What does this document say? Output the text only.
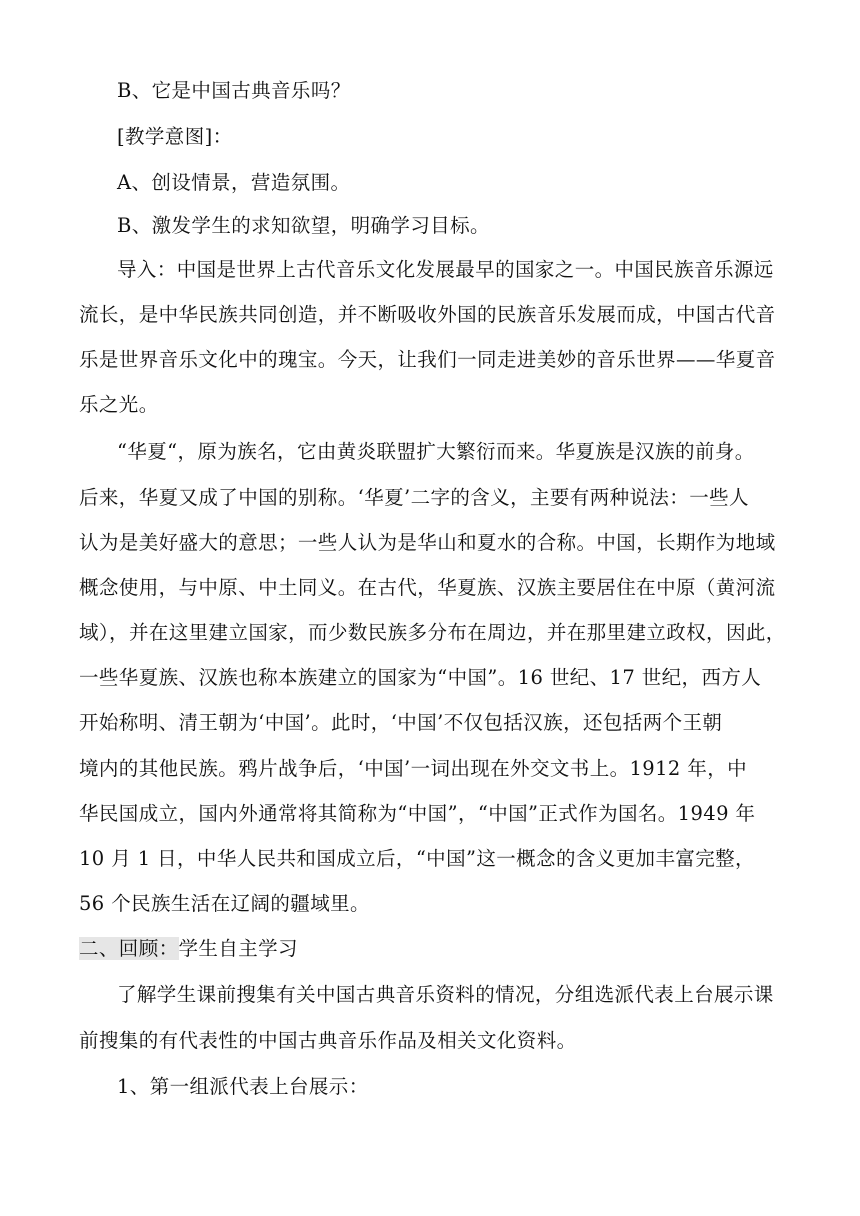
B、它是中国古典音乐吗？
[教学意图]：
A、创设情景，营造氛围。
B、激发学生的求知欲望，明确学习目标。
导入：中国是世界上古代音乐文化发展最早的国家之一。中国民族音乐源远
流长，是中华民族共同创造，并不断吸收外国的民族音乐发展而成，中国古代音
乐是世界音乐文化中的瑰宝。今天，让我们一同走进美妙的音乐世界——华夏音
乐之光。
“华夏“，原为族名，它由黄炎联盟扩大繁衍而来。华夏族是汉族的前身。
后来，华夏又成了中国的别称。‘华夏’二字的含义，主要有两种说法：一些人
认为是美好盛大的意思；一些人认为是华山和夏水的合称。中国，长期作为地域
概念使用，与中原、中土同义。在古代，华夏族、汉族主要居住在中原（黄河流
域），并在这里建立国家，而少数民族多分布在周边，并在那里建立政权，因此，
一些华夏族、汉族也称本族建立的国家为“中国”。16 世纪、17 世纪，西方人
开始称明、清王朝为‘中国’。此时，‘中国’不仅包括汉族，还包括两个王朝
境内的其他民族。鸦片战争后，‘中国’一词出现在外交文书上。1912 年，中
华民国成立，国内外通常将其简称为“中国”，“中国”正式作为国名。1949 年
10 月 1 日，中华人民共和国成立后，“中国”这一概念的含义更加丰富完整，
56 个民族生活在辽阔的疆域里。
二、回顾：学生自主学习
了解学生课前搜集有关中国古典音乐资料的情况，分组选派代表上台展示课
前搜集的有代表性的中国古典音乐作品及相关文化资料。
1、第一组派代表上台展示：
